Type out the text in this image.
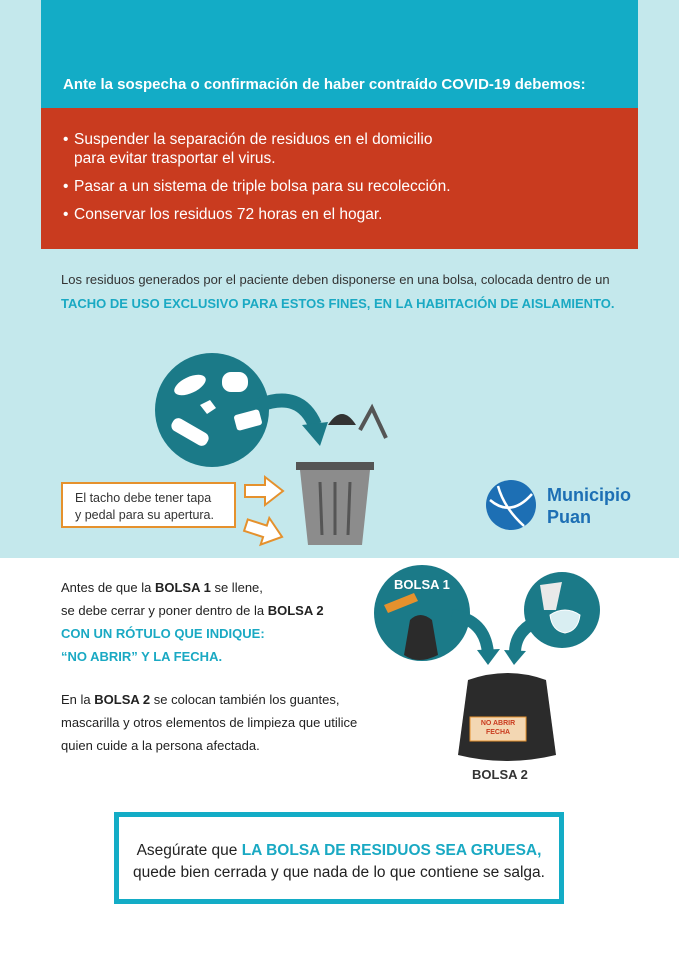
Ante la sospecha o confirmación de haber contraído COVID-19 debemos:
• Suspender la separación de residuos en el domicilio para evitar trasportar el virus.
• Pasar a un sistema de triple bolsa para su recolección.
• Conservar los residuos 72 horas en el hogar.
Los residuos generados por el paciente deben disponerse en una bolsa, colocada dentro de un TACHO DE USO EXCLUSIVO PARA ESTOS FINES, EN LA HABITACIÓN DE AISLAMIENTO.
El tacho debe tener tapa
y pedal para su apertura.
Municipio
Puan
Antes de que la BOLSA 1 se llene,
se debe cerrar y poner dentro de la BOLSA 2
CON UN RÓTULO QUE INDIQUE:
“NO ABRIR” Y LA FECHA.
En la BOLSA 2 se colocan también los guantes,
mascarilla y otros elementos de limpieza que utilice
quien cuide a la persona afectada.
BOLSA 1
NO ABRIR
FECHA
BOLSA 2
Asegúrate que LA BOLSA DE RESIDUOS SEA GRUESA,
quede bien cerrada y que nada de lo que contiene se salga.
